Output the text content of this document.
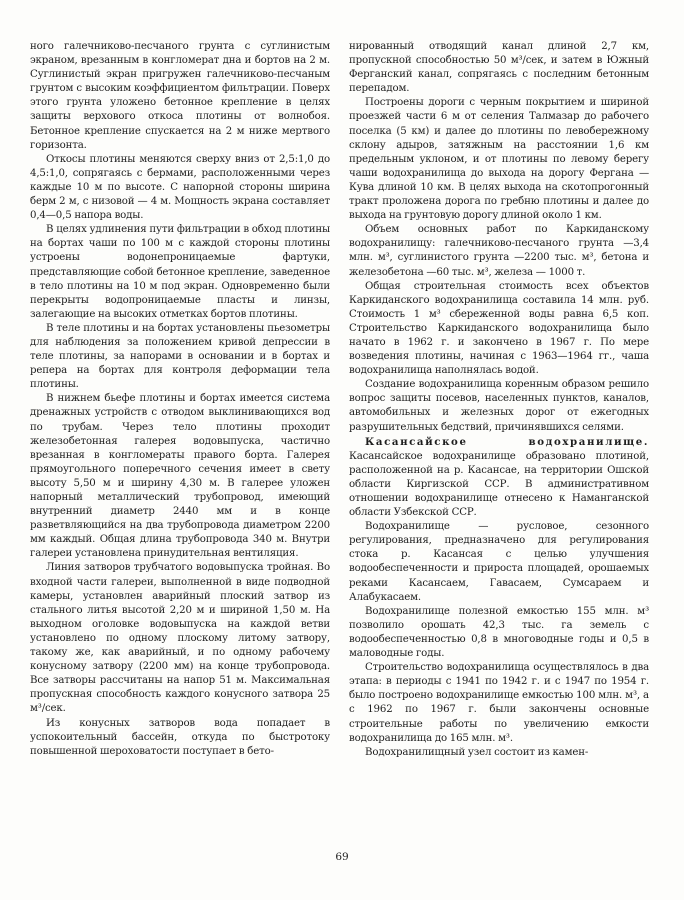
ного галечниково-песчаного грунта с суглинистым экраном, врезанным в конгломерат дна и бортов на 2 м. Суглинистый экран пригружен галечниково-песчаным грунтом с высоким коэффициентом фильтрации. Поверх этого грунта уложено бетонное крепление в целях защиты верхового откоса плотины от волнобоя. Бетонное крепление спускается на 2 м ниже мертвого горизонта.

Откосы плотины меняются сверху вниз от 2,5:1,0 до 4,5:1,0, сопрягаясь с бермами, расположенными через каждые 10 м по высоте. С напорной стороны ширина берм 2 м, с низовой — 4 м. Мощность экрана составляет 0,4—0,5 напора воды.

В целях удлинения пути фильтрации в обход плотины на бортах чаши по 100 м с каждой стороны плотины устроены водонепроницаемые фартуки, представляющие собой бетонное крепление, заведенное в тело плотины на 10 м под экран. Одновременно были перекрыты водопроницаемые пласты и линзы, залегающие на высоких отметках бортов плотины.

В теле плотины и на бортах установлены пьезометры для наблюдения за положением кривой депрессии в теле плотины, за напорами в основании и в бортах и репера на бортах для контроля деформации тела плотины.

В нижнем бьефе плотины и бортах имеется система дренажных устройств с отводом выклинивающихся вод по трубам. Через тело плотины проходит железобетонная галерея водовыпуска, частично врезанная в конгломераты правого борта. Галерея прямоугольного поперечного сечения имеет в свету высоту 5,50 м и ширину 4,30 м. В галерее уложен напорный металлический трубопровод, имеющий внутренний диаметр 2440 мм и в конце разветвляющийся на два трубопровода диаметром 2200 мм каждый. Общая длина трубопровода 340 м. Внутри галереи установлена принудительная вентиляция.

Линия затворов трубчатого водовыпуска тройная. Во входной части галереи, выполненной в виде подводной камеры, установлен аварийный плоский затвор из стального литья высотой 2,20 м и шириной 1,50 м. На выходном оголовке водовыпуска на каждой ветви установлено по одному плоскому литому затвору, такому же, как аварийный, и по одному рабочему конусному затвору (2200 мм) на конце трубопровода. Все затворы рассчитаны на напор 51 м. Максимальная пропускная способность каждого конусного затвора 25 м³/сек.

Из конусных затворов вода попадает в успокоительный бассейн, откуда по быстротоку повышенной шероховатости поступает в бето-

нированный отводящий канал длиной 2,7 км, пропускной способностью 50 м³/сек, и затем в Южный Ферганский канал, сопрягаясь с последним бетонным перепадом.

Построены дороги с черным покрытием и шириной проезжей части 6 м от селения Талмазар до рабочего поселка (5 км) и далее до плотины по левобережному склону адыров, затяжным на расстоянии 1,6 км предельным уклоном, и от плотины по левому берегу чаши водохранилища до выхода на дорогу Фергана — Кува длиной 10 км. В целях выхода на скотопрогонный тракт проложена дорога по гребню плотины и далее до выхода на грунтовую дорогу длиной около 1 км.

Объем основных работ по Каркиданскому водохранилищу: галечниково-песчаного грунта —3,4 млн. м³, суглинистого грунта —2200 тыс. м³, бетона и железобетона —60 тыс. м³, железа — 1000 т.

Общая строительная стоимость всех объектов Каркиданского водохранилища составила 14 млн. руб. Стоимость 1 м³ сбереженной воды равна 6,5 коп. Строительство Каркиданского водохранилища было начато в 1962 г. и закончено в 1967 г. По мере возведения плотины, начиная с 1963—1964 гг., чаша водохранилища наполнялась водой.

Создание водохранилища коренным образом решило вопрос защиты посевов, населенных пунктов, каналов, автомобильных и железных дорог от ежегодных разрушительных бедствий, причинявшихся селями.

Касансайское водохранилище. Касансайское водохранилище образовано плотиной, расположенной на р. Касансае, на территории Ошской области Киргизской ССР. В административном отношении водохранилище отнесено к Наманганской области Узбекской ССР.

Водохранилище — русловое, сезонного регулирования, предназначено для регулирования стока р. Касансая с целью улучшения водообеспеченности и прироста площадей, орошаемых реками Касансаем, Гавасаем, Сумсараем и Алабукасаем.

Водохранилище полезной емкостью 155 млн. м³ позволило орошать 42,3 тыс. га земель с водообеспеченностью 0,8 в многоводные годы и 0,5 в маловодные годы.

Строительство водохранилища осуществлялось в два этапа: в периоды с 1941 по 1942 г. и с 1947 по 1954 г. было построено водохранилище емкостью 100 млн. м³, а с 1962 по 1967 г. были закончены основные строительные работы по увеличению емкости водохранилища до 165 млн. м³.

Водохранилищный узел состоит из камен-

69
